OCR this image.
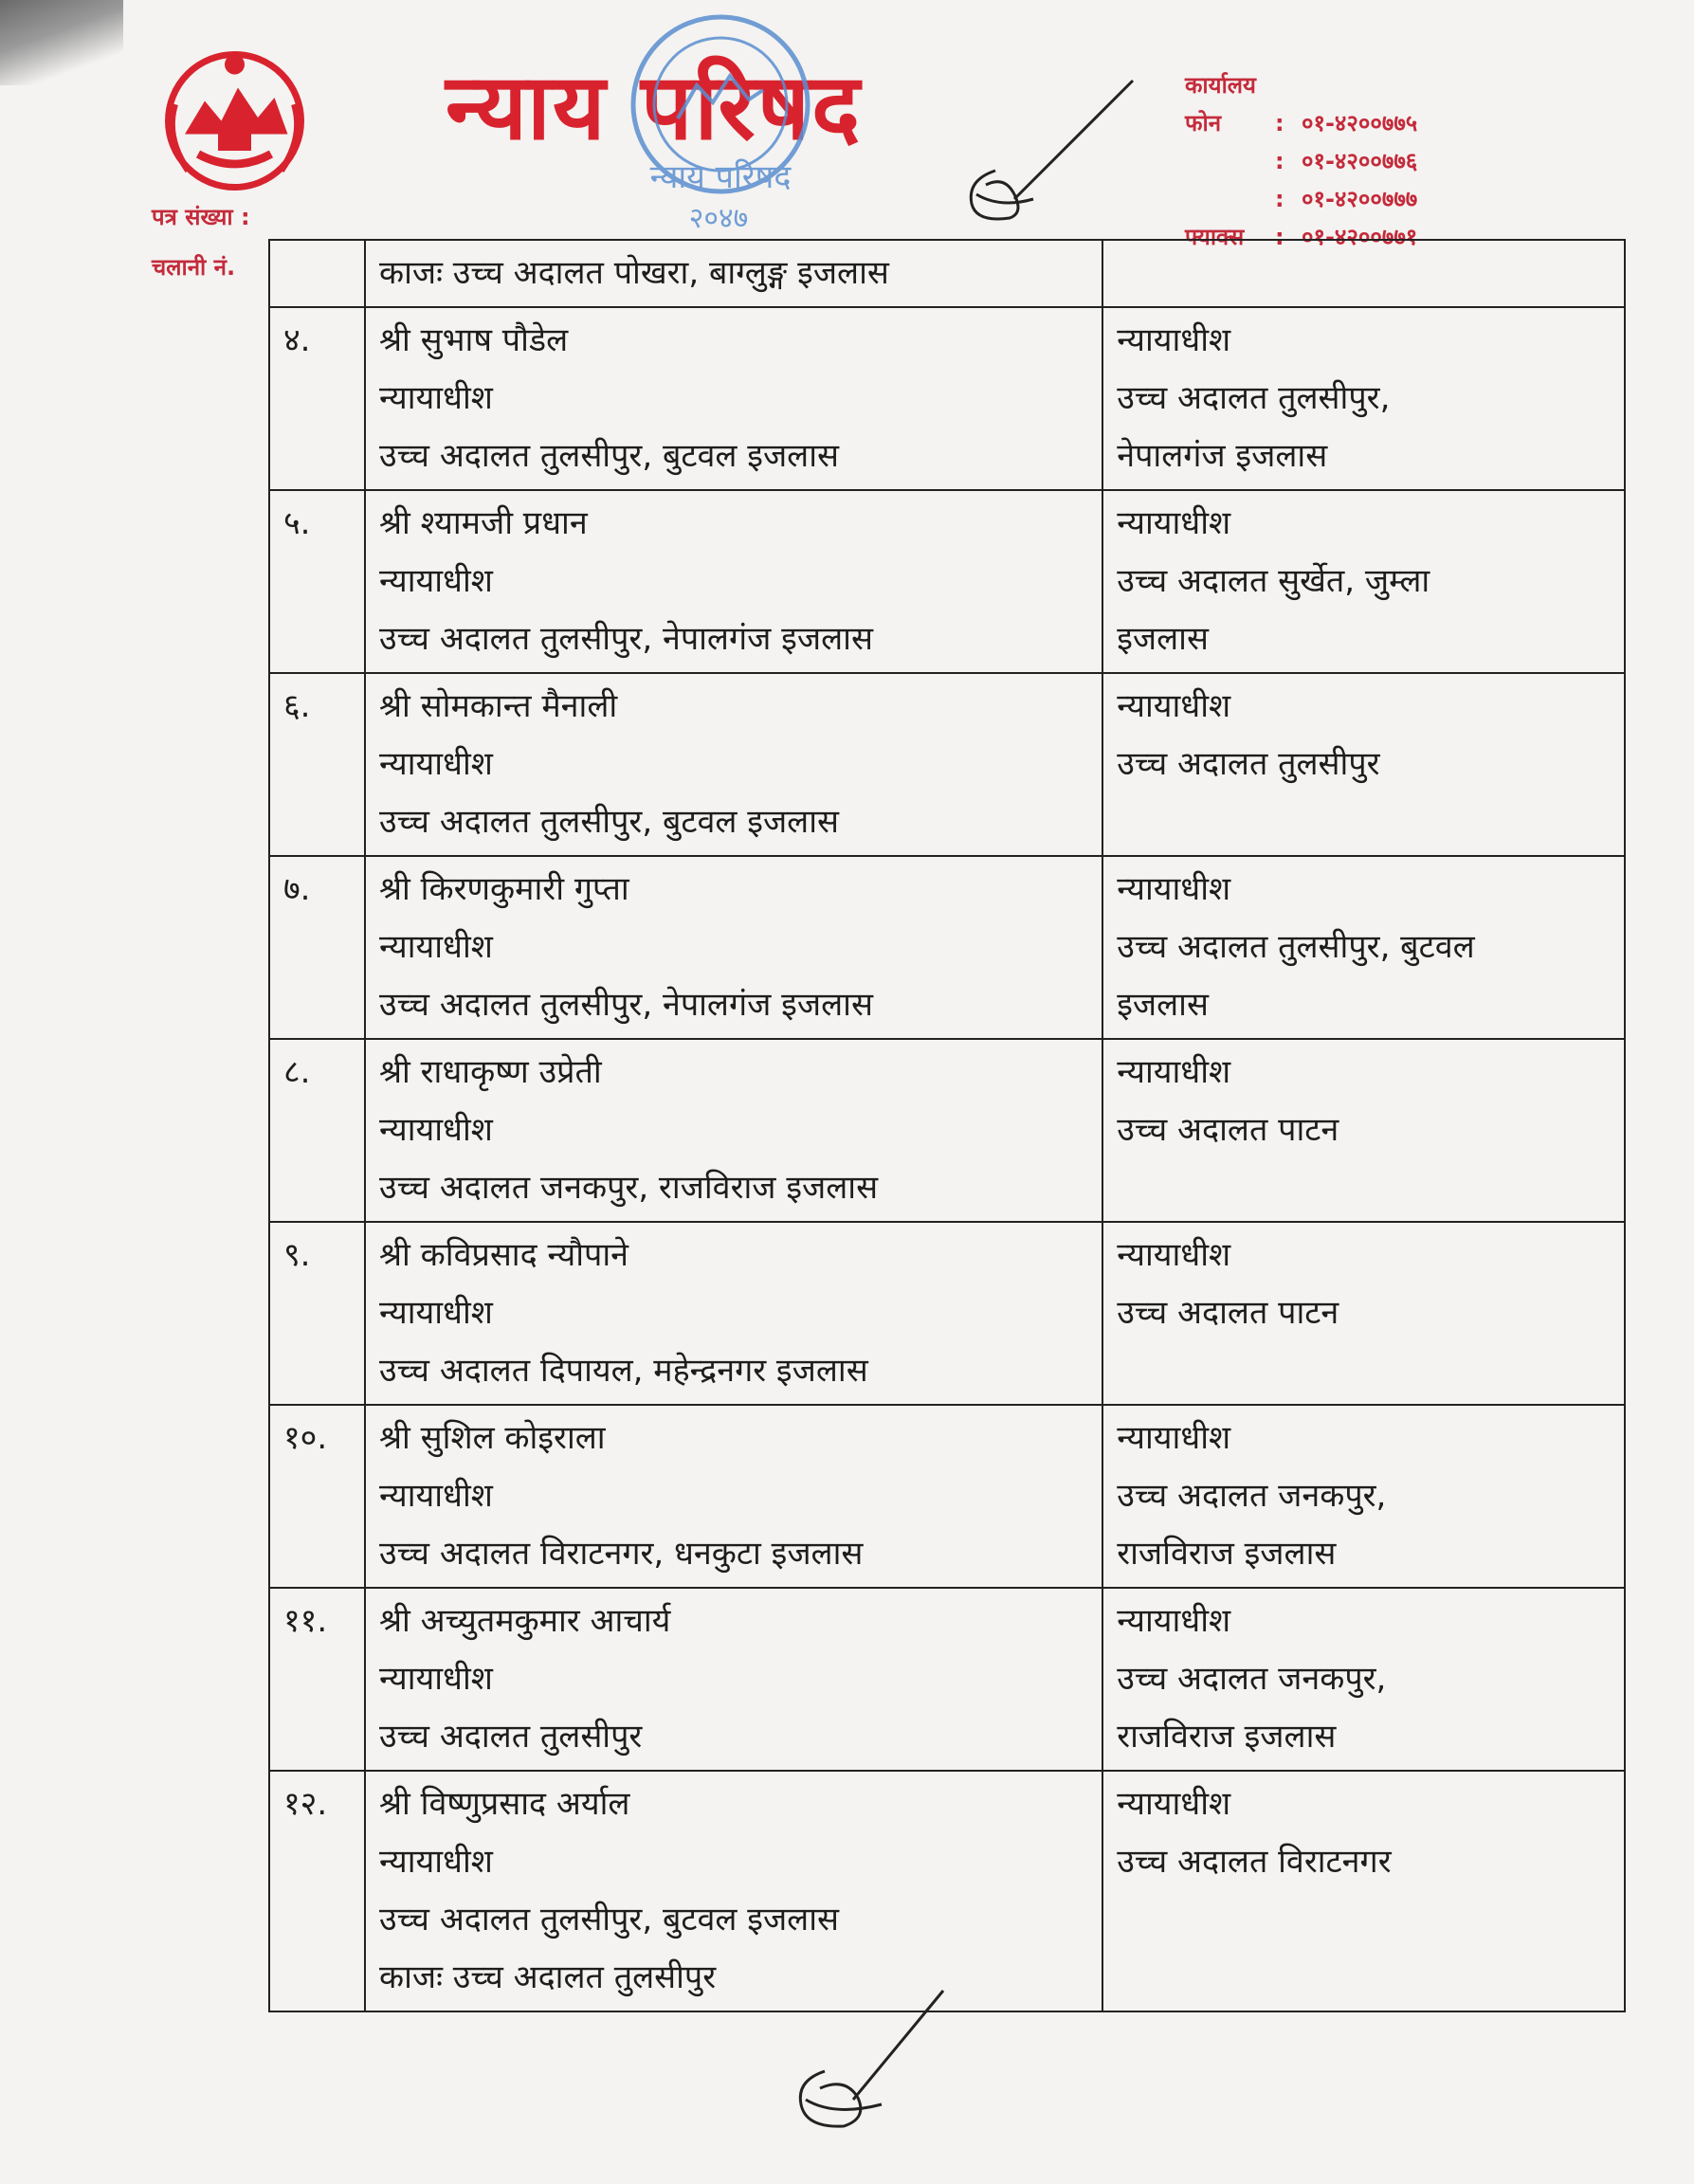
न्याय परिषद
न्याय परिषद
२०४७
पत्र संख्या :
चलानी नं.
कार्यालय
फोन	: ०१-४२००७७५
: ०१-४२००७७६
: ०१-४२००७७७
फ्याक्स	: ०१-४२००७७१

	काजः उच्च अदालत पोखरा, बाग्लुङ्ग इजलास	

४.	श्री सुभाष पौडेल
न्यायाधीश
उच्च अदालत तुलसीपुर, बुटवल इजलास	न्यायाधीश
उच्च अदालत तुलसीपुर,
नेपालगंज इजलास

५.	श्री श्यामजी प्रधान
न्यायाधीश
उच्च अदालत तुलसीपुर, नेपालगंज इजलास	न्यायाधीश
उच्च अदालत सुर्खेत, जुम्ला
इजलास

६.	श्री सोमकान्त मैनाली
न्यायाधीश
उच्च अदालत तुलसीपुर, बुटवल इजलास	न्यायाधीश
उच्च अदालत तुलसीपुर

७.	श्री किरणकुमारी गुप्ता
न्यायाधीश
उच्च अदालत तुलसीपुर, नेपालगंज इजलास	न्यायाधीश
उच्च अदालत तुलसीपुर, बुटवल
इजलास

८.	श्री राधाकृष्ण उप्रेती
न्यायाधीश
उच्च अदालत जनकपुर, राजविराज इजलास	न्यायाधीश
उच्च अदालत पाटन

९.	श्री कविप्रसाद न्यौपाने
न्यायाधीश
उच्च अदालत दिपायल, महेन्द्रनगर इजलास	न्यायाधीश
उच्च अदालत पाटन

१०.	श्री सुशिल कोइराला
न्यायाधीश
उच्च अदालत विराटनगर, धनकुटा इजलास	न्यायाधीश
उच्च अदालत जनकपुर,
राजविराज इजलास

११.	श्री अच्युतमकुमार आचार्य
न्यायाधीश
उच्च अदालत तुलसीपुर	न्यायाधीश
उच्च अदालत जनकपुर,
राजविराज इजलास

१२.	श्री विष्णुप्रसाद अर्याल
न्यायाधीश
उच्च अदालत तुलसीपुर, बुटवल इजलास
काजः उच्च अदालत तुलसीपुर	न्यायाधीश
उच्च अदालत विराटनगर
